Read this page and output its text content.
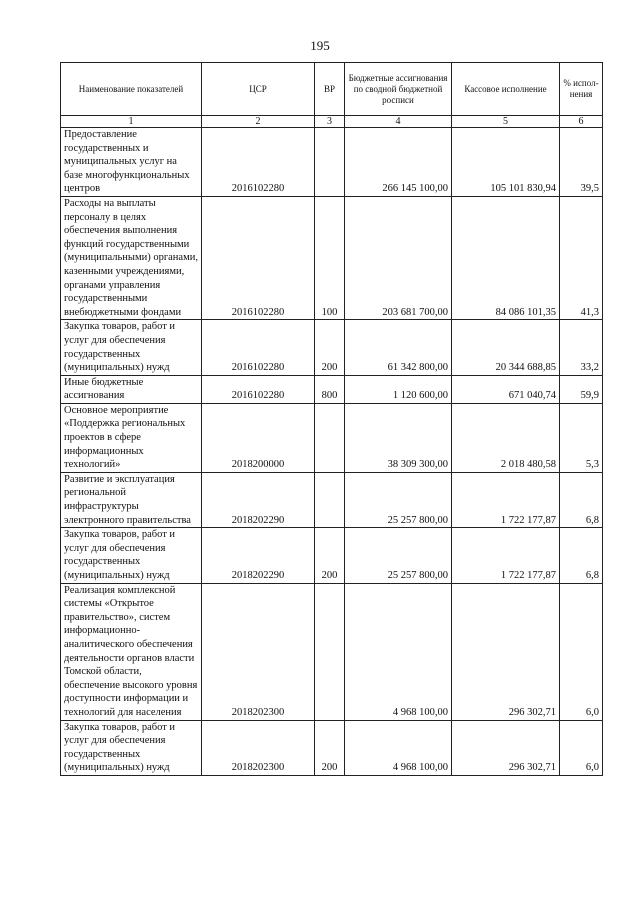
195
Наименование показателей	ЦСР	ВР	Бюджетные ассигнования по сводной бюджетной росписи	Кассовое исполнение	% испол-нения
1	2	3	4	5	6
Предоставление государственных и муниципальных услуг на базе многофункциональных центров	2016102280		266 145 100,00	105 101 830,94	39,5
Расходы на выплаты персоналу в целях обеспечения выполнения функций государственными (муниципальными) органами, казенными учреждениями, органами управления государственными внебюджетными фондами	2016102280	100	203 681 700,00	84 086 101,35	41,3
Закупка товаров, работ и услуг для обеспечения государственных (муниципальных) нужд	2016102280	200	61 342 800,00	20 344 688,85	33,2
Иные бюджетные ассигнования	2016102280	800	1 120 600,00	671 040,74	59,9
Основное мероприятие «Поддержка региональных проектов в сфере информационных технологий»	2018200000		38 309 300,00	2 018 480,58	5,3
Развитие и эксплуатация региональной инфраструктуры электронного правительства	2018202290		25 257 800,00	1 722 177,87	6,8
Закупка товаров, работ и услуг для обеспечения государственных (муниципальных) нужд	2018202290	200	25 257 800,00	1 722 177,87	6,8
Реализация комплексной системы «Открытое правительство», систем информационно-аналитического обеспечения деятельности органов власти Томской области, обеспечение высокого уровня доступности информации и технологий для населения	2018202300		4 968 100,00	296 302,71	6,0
Закупка товаров, работ и услуг для обеспечения государственных (муниципальных) нужд	2018202300	200	4 968 100,00	296 302,71	6,0
